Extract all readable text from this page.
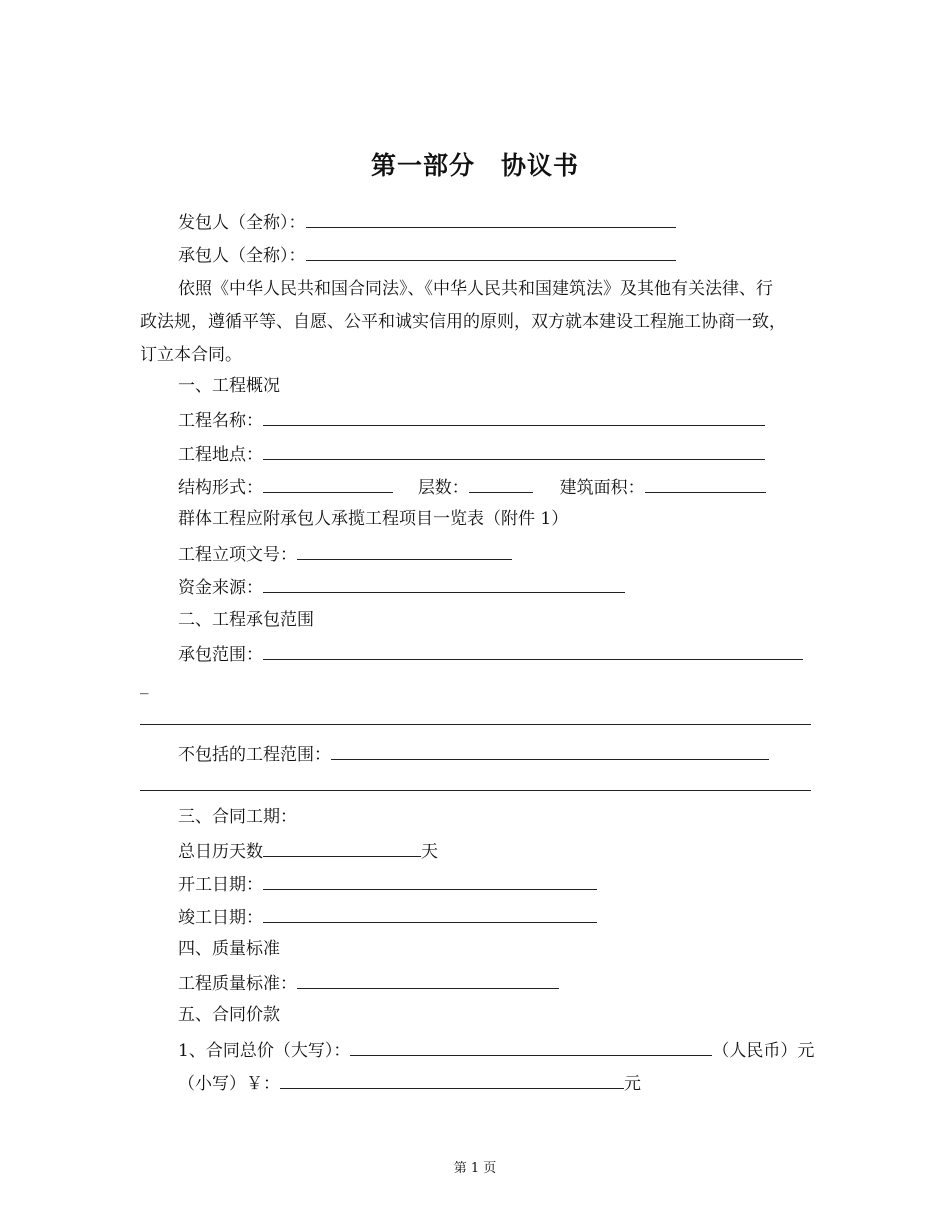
第一部分　协议书
发包人（全称）：
承包人（全称）：
依照《中华人民共和国合同法》、《中华人民共和国建筑法》及其他有关法律、行
政法规，遵循平等、自愿、公平和诚实信用的原则，双方就本建设工程施工协商一致，
订立本合同。
一、工程概况
工程名称：
工程地点：
结构形式：	层数：	建筑面积：
群体工程应附承包人承揽工程项目一览表（附件 1）
工程立项文号：
资金来源：
二、工程承包范围
承包范围：
_
不包括的工程范围：
三、合同工期：
总日历天数	天
开工日期：
竣工日期：
四、质量标准
工程质量标准：
五、合同价款
1、合同总价（大写）：	（人民币）元
（小写）￥：	元
第 1 页
